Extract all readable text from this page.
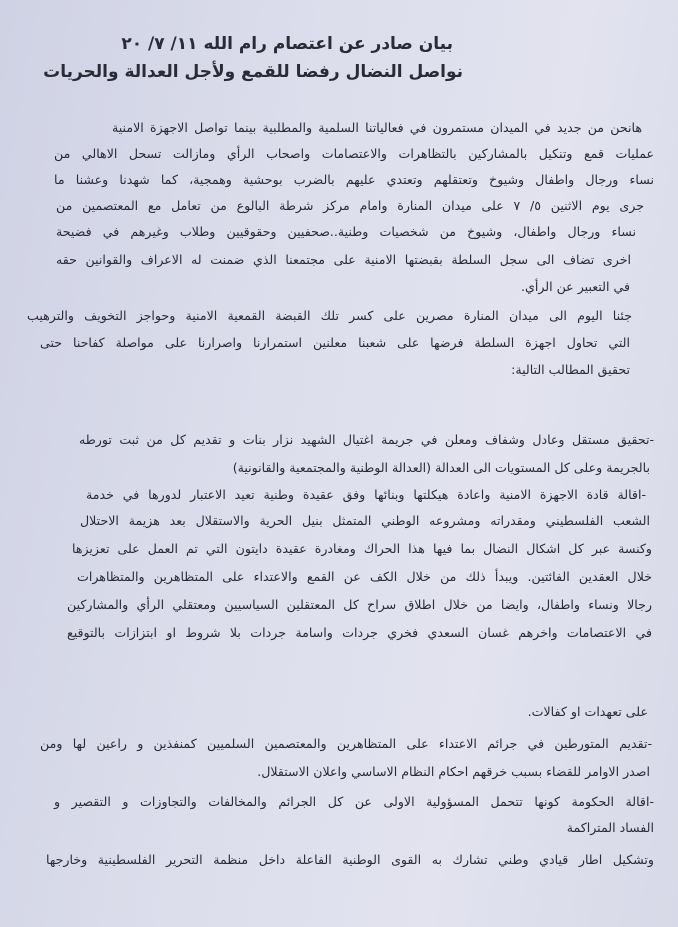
بيان صادر عن اعتصام رام الله ١١/ ٧/ ٢٠
نواصل النضال رفضا للقمع ولأجل العدالة والحريات
هانحن من جديد في الميدان مستمرون في فعالياتنا السلمية والمطلبية بينما تواصل الاجهزة الامنية
عمليات قمع وتنكيل بالمشاركين بالتظاهرات والاعتصامات واصحاب الرأي ومازالت تسحل الاهالي من
نساء ورجال واطفال وشيوخ وتعتقلهم وتعتدي عليهم بالضرب بوحشية وهمجية، كما شهدنا وعشنا ما
جرى يوم الاثنين ٥/ ٧ على ميدان المنارة وامام مركز شرطة البالوع من تعامل مع المعتصمين من
نساء ورجال واطفال، وشيوخ من شخصيات وطنية..صحفيين وحقوقيين وطلاب وغيرهم في فضيحة
اخرى تضاف الى سجل السلطة بقبضتها الامنية على مجتمعنا الذي ضمنت له الاعراف والقوانين حقه
في التعبير عن الرأي.
جئنا اليوم الى ميدان المنارة مصرين على كسر تلك القبضة القمعية الامنية وحواجز التخويف والترهيب
التي تحاول اجهزة السلطة فرضها على شعبنا معلنين استمرارنا واصرارنا على مواصلة كفاحنا حتى
تحقيق المطالب التالية:
-تحقيق مستقل وعادل وشفاف ومعلن في جريمة اغتيال الشهيد نزار بنات و تقديم كل من ثبت تورطه
بالجريمة وعلى كل المستويات الى العدالة (العدالة الوطنية والمجتمعية والقانونية)
-اقالة قادة الاجهزة الامنية واعادة هيكلتها وبنائها وفق عقيدة وطنية تعيد الاعتبار لدورها في خدمة
الشعب الفلسطيني ومقدراته ومشروعه الوطني المتمثل بنيل الحرية والاستقلال بعد هزيمة الاحتلال
وكنسة عبر كل اشكال النضال بما فيها هذا الحراك ومغادرة عقيدة دايتون التي تم العمل على تعزيزها
خلال العقدين الفائتين. ويبدأ ذلك من خلال الكف عن القمع والاعتداء على المتظاهرين والمتظاهرات
رجالا ونساء واطفال، وايضا من خلال اطلاق سراح كل المعتقلين السياسيين ومعتقلي الرأي والمشاركين
في الاعتصامات واخرهم غسان السعدي فخري جردات واسامة جردات بلا شروط او ابتزازات بالتوقيع
على تعهدات او كفالات.
-تقديم المتورطين في جرائم الاعتداء على المتظاهرين والمعتصمين السلميين كمنفذين و راعين لها ومن
اصدر الاوامر للقضاء بسبب خرقهم احكام النظام الاساسي واعلان الاستقلال.
-اقالة الحكومة كونها تتحمل المسؤولية الاولى عن كل الجرائم والمخالفات والتجاوزات و التقصير و
الفساد المتراكمة
وتشكيل اطار قيادي وطني تشارك به القوى الوطنية الفاعلة داخل منظمة التحرير الفلسطينية وخارجها
